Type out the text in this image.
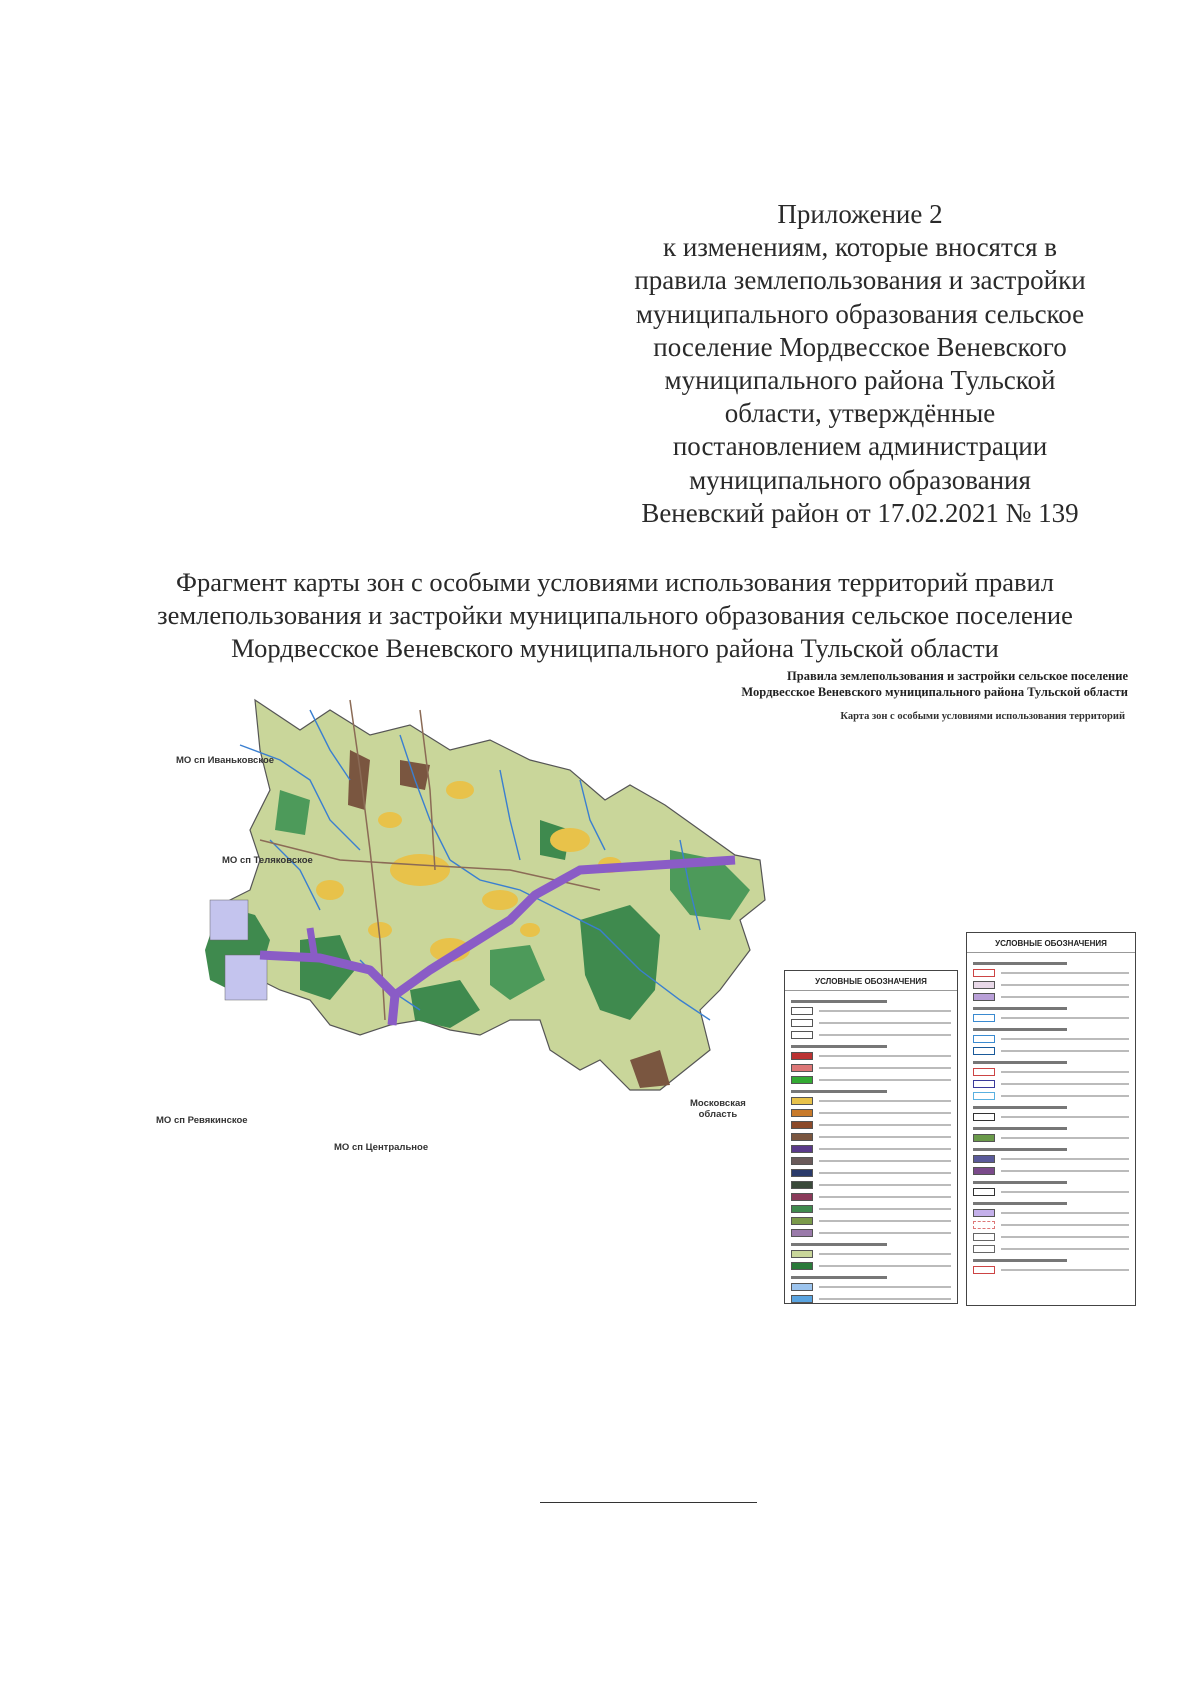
Приложение 2
к изменениям, которые вносятся в
правила землепользования и застройки
муниципального образования сельское
поселение Мордвесское Веневского
муниципального района Тульской
области, утверждённые
постановлением администрации
муниципального образования
Веневский район от 17.02.2021 № 139
Фрагмент карты зон с особыми условиями использования территорий правил
землепользования и застройки муниципального образования сельское поселение
Мордвесское Веневского муниципального района Тульской области
Правила землепользования и застройки сельское поселение
Мордвесское Веневского муниципального района Тульской области
Карта зон с особыми условиями использования территорий
МО сп Иваньковское
МО сп Теляковское
МО сп Ревякинское
МО сп Центральное
Московская
область
УСЛОВНЫЕ ОБОЗНАЧЕНИЯ
УСЛОВНЫЕ ОБОЗНАЧЕНИЯ
